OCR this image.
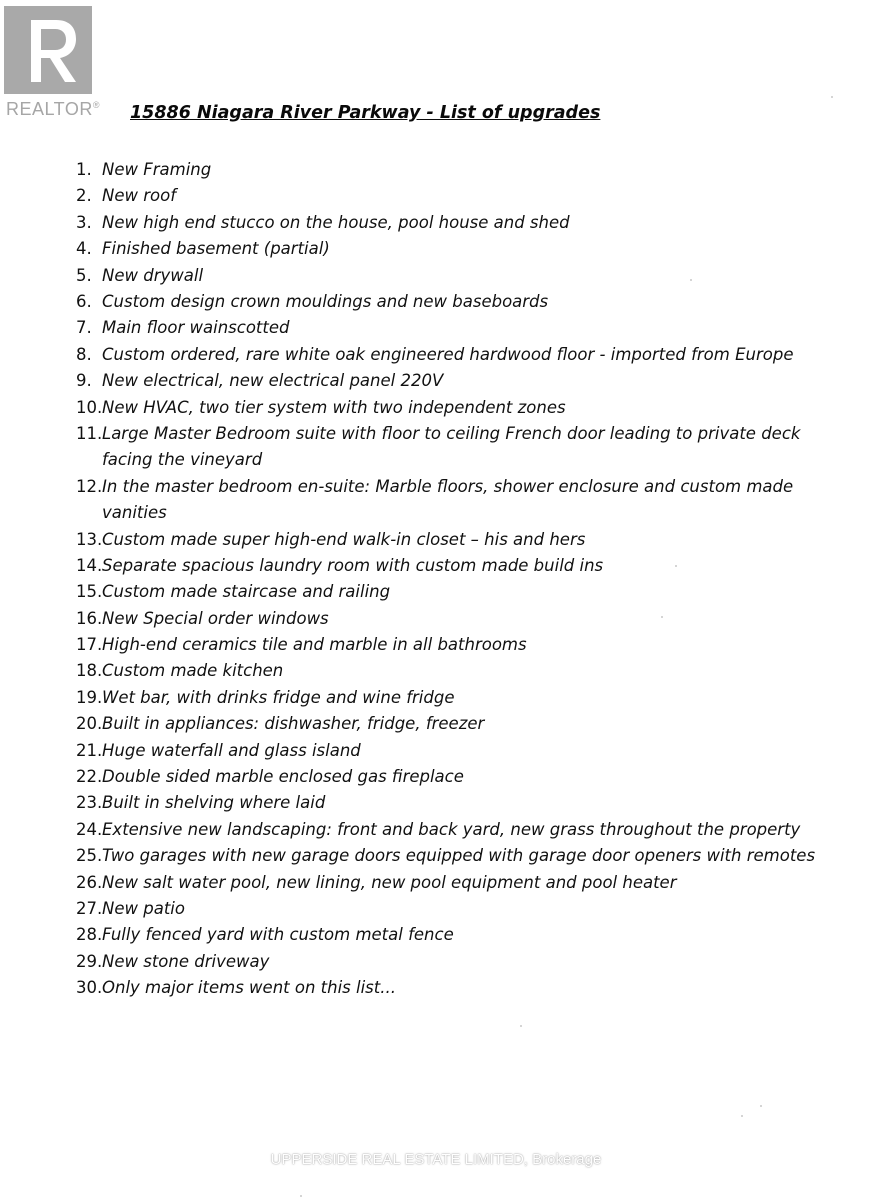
REALTOR® 15886 Niagara River Parkway - List of upgrades
1. New Framing
2. New roof
3. New high end stucco on the house, pool house and shed
4. Finished basement (partial)
5. New drywall
6. Custom design crown mouldings and new baseboards
7. Main floor wainscotted
8. Custom ordered, rare white oak engineered hardwood floor - imported from Europe
9. New electrical, new electrical panel 220V
10. New HVAC, two tier system with two independent zones
11. Large Master Bedroom suite with floor to ceiling French door leading to private deck
facing the vineyard
12. In the master bedroom en-suite: Marble floors, shower enclosure and custom made
vanities
13. Custom made super high-end walk-in closet – his and hers
14. Separate spacious laundry room with custom made build ins
15. Custom made staircase and railing
16. New Special order windows
17. High-end ceramics tile and marble in all bathrooms
18. Custom made kitchen
19. Wet bar, with drinks fridge and wine fridge
20. Built in appliances: dishwasher, fridge, freezer
21. Huge waterfall and glass island
22. Double sided marble enclosed gas fireplace
23. Built in shelving where laid
24. Extensive new landscaping: front and back yard, new grass throughout the property
25. Two garages with new garage doors equipped with garage door openers with remotes
26. New salt water pool, new lining, new pool equipment and pool heater
27. New patio
28. Fully fenced yard with custom metal fence
29. New stone driveway
30. Only major items went on this list...
UPPERSIDE REAL ESTATE LIMITED, Brokerage
